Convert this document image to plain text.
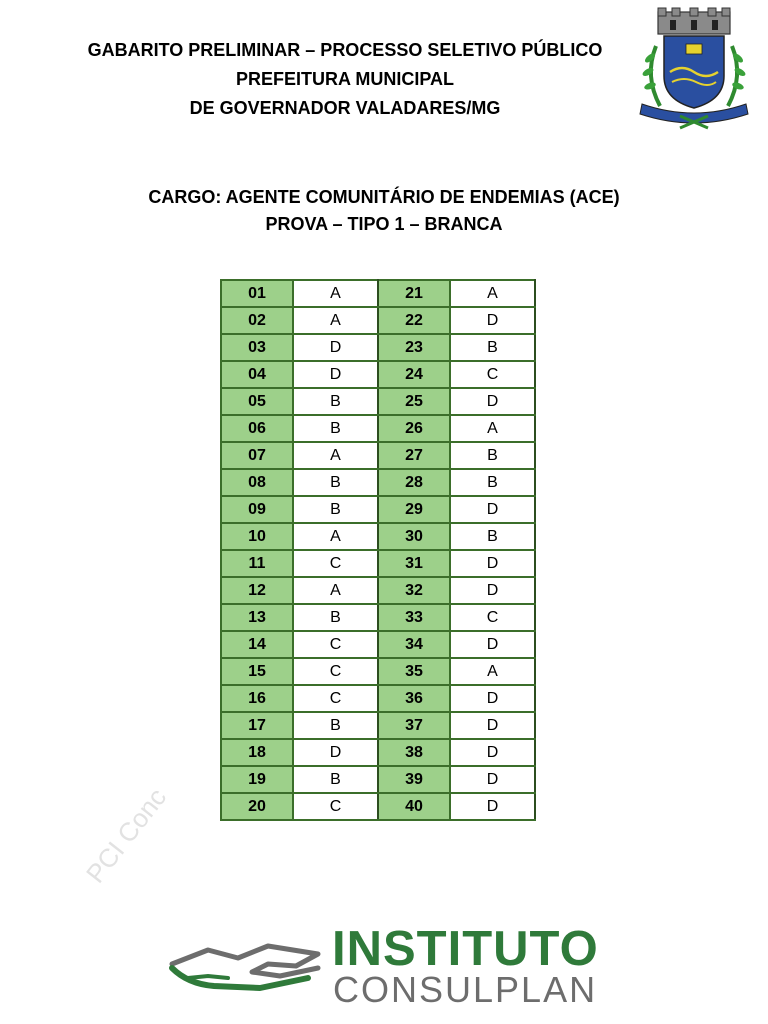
GABARITO PRELIMINAR – PROCESSO SELETIVO PÚBLICO
PREFEITURA MUNICIPAL
DE GOVERNADOR VALADARES/MG
CARGO: AGENTE COMUNITÁRIO DE ENDEMIAS (ACE)
PROVA – TIPO 1 – BRANCA
01	A	21	A
02	A	22	D
03	D	23	B
04	D	24	C
05	B	25	D
06	B	26	A
07	A	27	B
08	B	28	B
09	B	29	D
10	A	30	B
11	C	31	D
12	A	32	D
13	B	33	C
14	C	34	D
15	C	35	A
16	C	36	D
17	B	37	D
18	D	38	D
19	B	39	D
20	C	40	D
PCI Conc
INSTITUTO
CONSULPLAN
